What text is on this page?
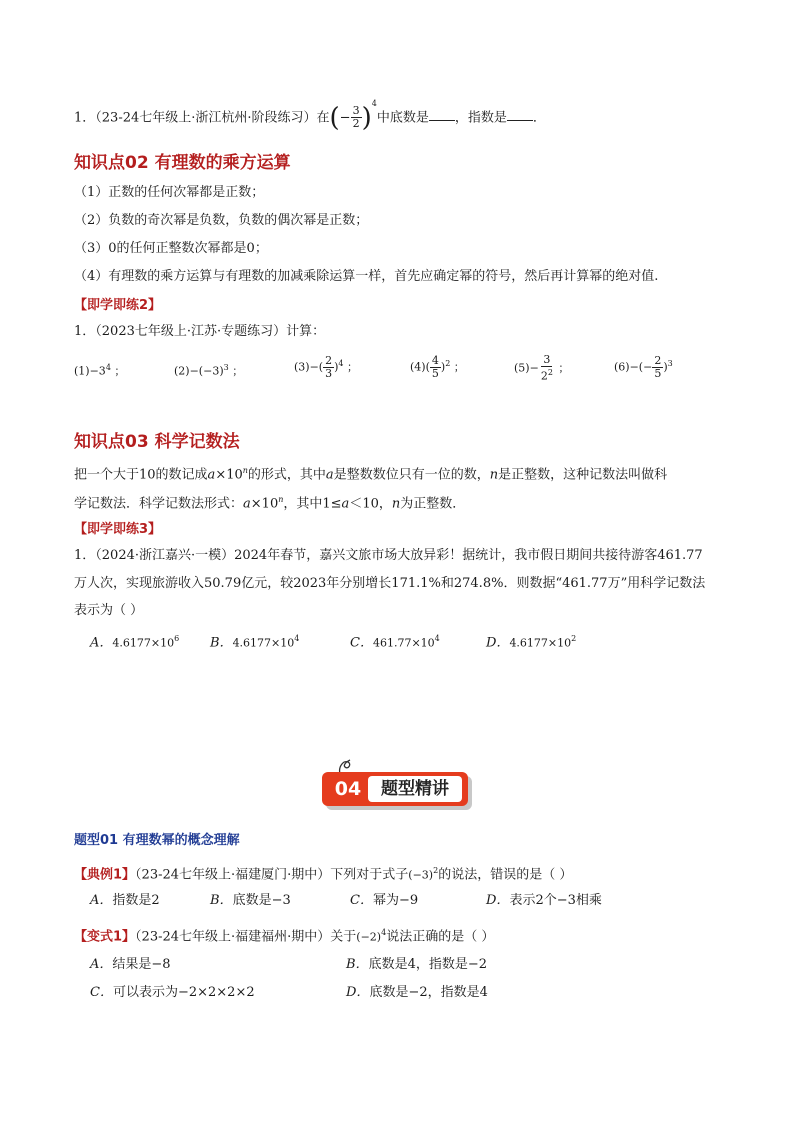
1．（23-24七年级上·浙江杭州·阶段练习）在(− $\frac{3}{2} )^4$中底数是 ，指数是 ．
知识点02 有理数的乘方运算
（1）正数的任何次幂都是正数；
（2）负数的奇次幂是负数，负数的偶次幂是正数；
（3）0的任何正整数次幂都是0；
（4）有理数的乘方运算与有理数的加减乘除运算一样，首先应确定幂的符号，然后再计算幂的绝对值.
【即学即练2】
1．（2023七年级上·江苏·专题练习）计算：
$(1)-3^4$ ；	$(2)-(-3)^3$ ；	$(3)-( \frac{2}{3} )^4$ ；	$(4)( \frac{4}{5} )^2$ ；	$(5)- \frac{3}{2^2}$ ；	$(6)-(- \frac{2}{5} )^3$
知识点03 科学记数法
把一个大于10的数记成$a\times 10^n$的形式，其中a是整数数位只有一位的数，n是正整数，这种记数法叫做科
学记数法．科学记数法形式：$a\times 10^n$，其中1≤a＜10，n为正整数．
【即学即练3】
1．（2024·浙江嘉兴·一模）2024年春节，嘉兴文旅市场大放异彩！据统计，我市假日期间共接待游客461.77
万人次，实现旅游收入50.79亿元，较2023年分别增长171.1%和274.8%．则数据“461.77万”用科学记数法
表示为（ ）
A．$4.6177\times 10^6$ B．$4.6177\times 10^4$	C．$461.77\times 10^4$	D．$4.6177\times 10^2$
04	题型精讲
题型01 有理数幂的概念理解
【典例1】（23-24七年级上·福建厦门·期中）下列对于式子$(-3)^2$的说法，错误的是（ ）
A．指数是2	B．底数是−3	C．幂为−9	D．表示2个−3相乘
【变式1】（23-24七年级上·福建福州·期中）关于$(-2)^4$说法正确的是（ ）
A．结果是−8	B．底数是4，指数是−2
C．可以表示为−2×2×2×2	D．底数是−2，指数是4
